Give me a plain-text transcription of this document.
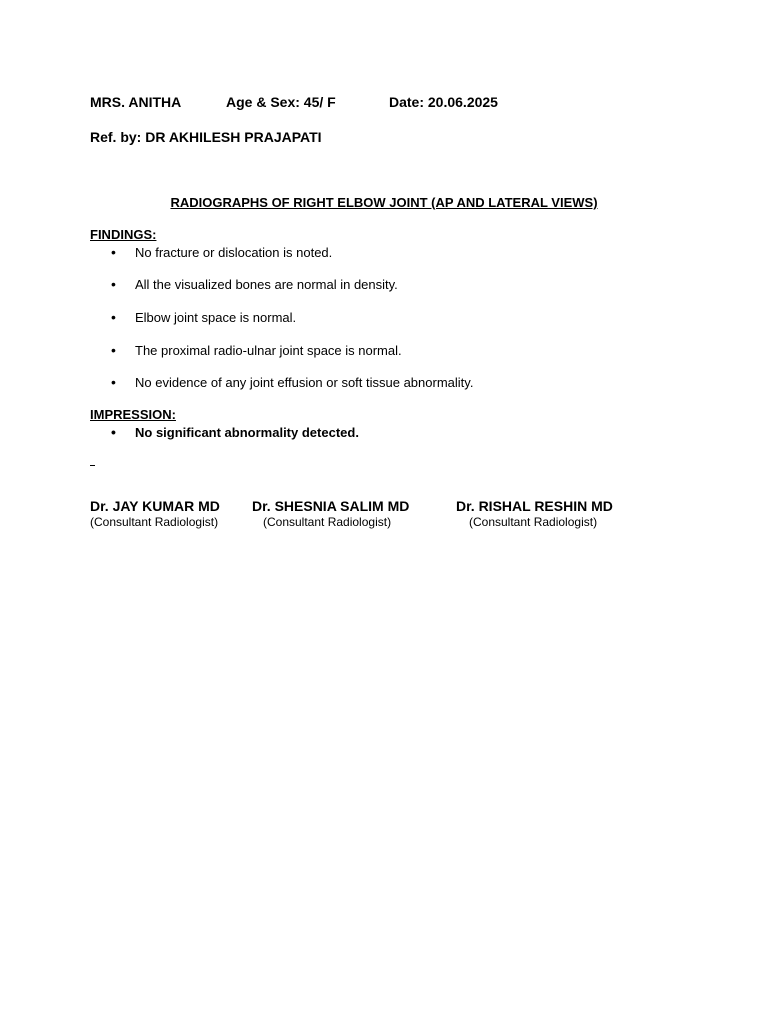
MRS. ANITHA	Age & Sex: 45/ F	Date: 20.06.2025
Ref. by: DR AKHILESH PRAJAPATI
RADIOGRAPHS OF RIGHT ELBOW JOINT (AP AND LATERAL VIEWS)
FINDINGS:
• No fracture or dislocation is noted.
• All the visualized bones are normal in density.
• Elbow joint space is normal.
• The proximal radio-ulnar joint space is normal.
• No evidence of any joint effusion or soft tissue abnormality.
IMPRESSION:
• No significant abnormality detected.
Dr. JAY KUMAR MD
(Consultant Radiologist)
Dr. SHESNIA SALIM MD
(Consultant Radiologist)
Dr. RISHAL RESHIN MD
(Consultant Radiologist)
